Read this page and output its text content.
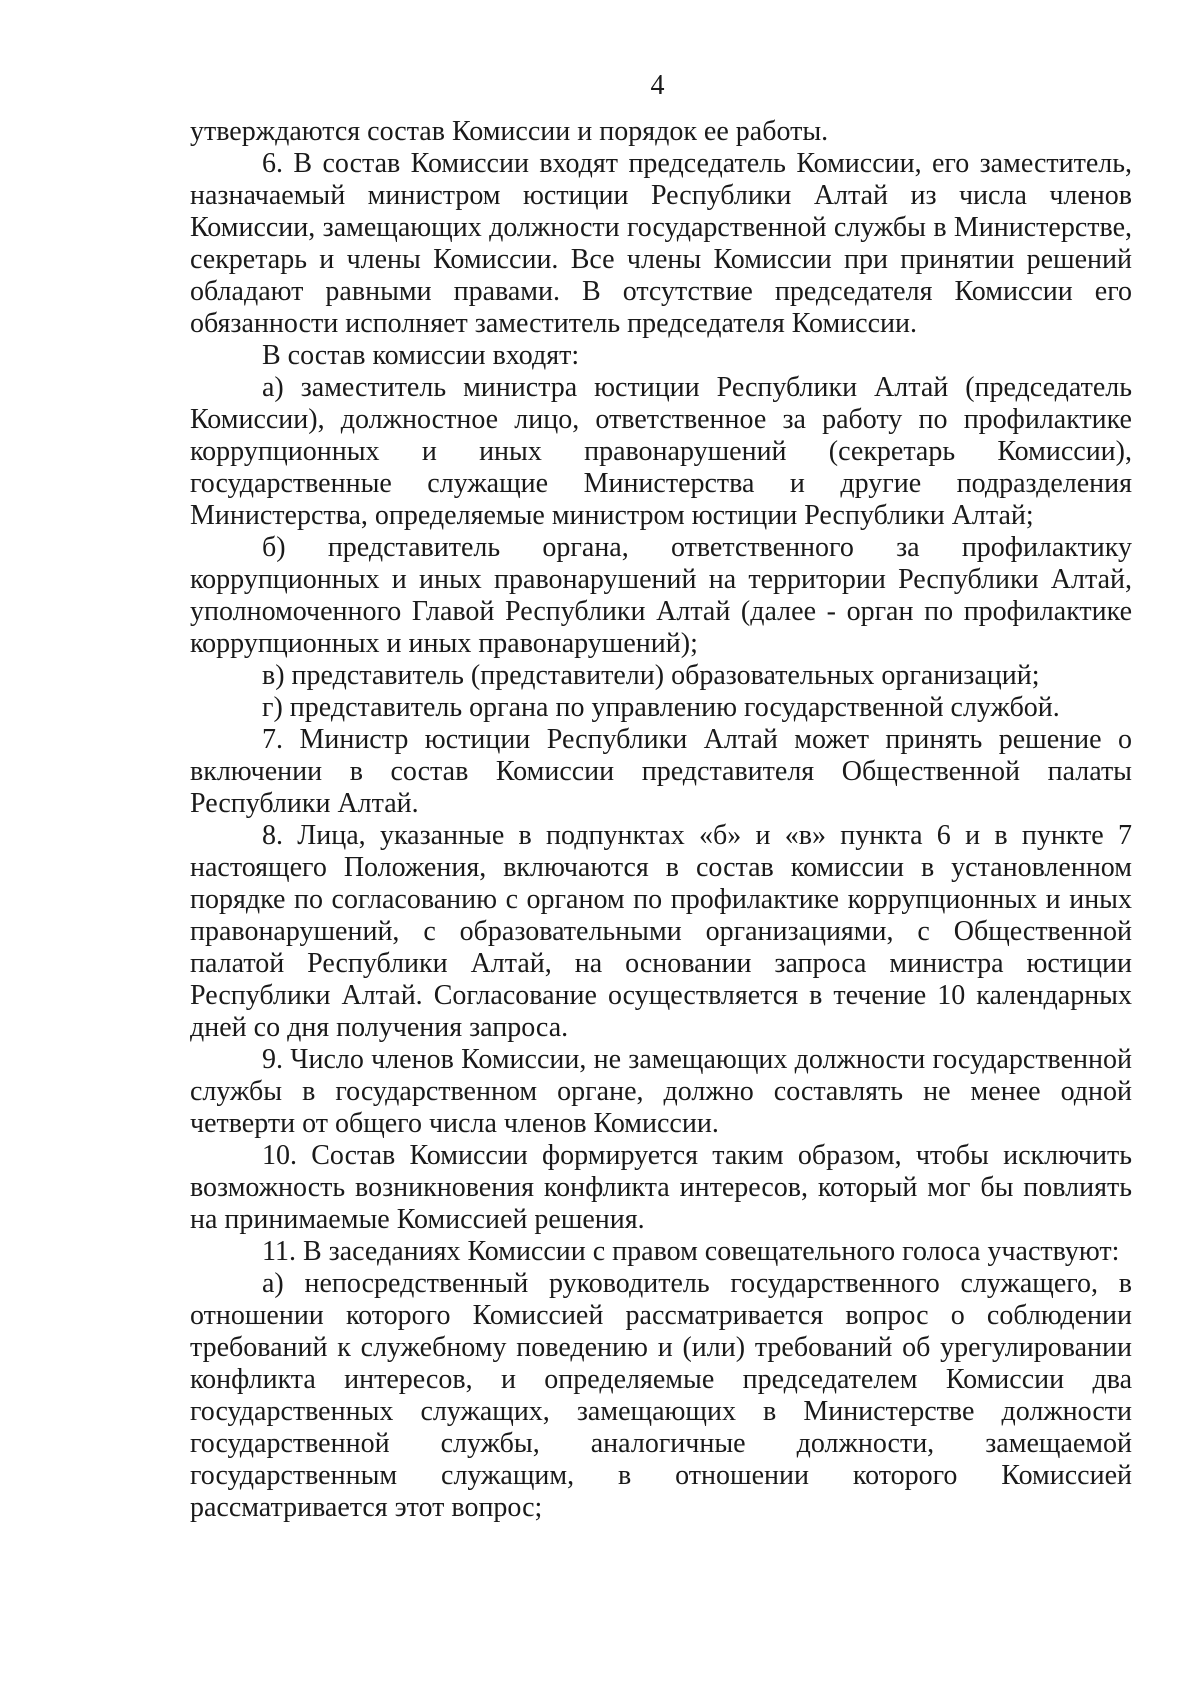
4

утверждаются состав Комиссии и порядок ее работы.

6. В состав Комиссии входят председатель Комиссии, его заместитель, назначаемый министром юстиции Республики Алтай из числа членов Комиссии, замещающих должности государственной службы в Министерстве, секретарь и члены Комиссии. Все члены Комиссии при принятии решений обладают равными правами. В отсутствие председателя Комиссии его обязанности исполняет заместитель председателя Комиссии.

В состав комиссии входят:

а) заместитель министра юстиции Республики Алтай (председатель Комиссии), должностное лицо, ответственное за работу по профилактике коррупционных и иных правонарушений (секретарь Комиссии), государственные служащие Министерства и другие подразделения Министерства, определяемые министром юстиции Республики Алтай;

б) представитель органа, ответственного за профилактику коррупционных и иных правонарушений на территории Республики Алтай, уполномоченного Главой Республики Алтай (далее - орган по профилактике коррупционных и иных правонарушений);

в) представитель (представители) образовательных организаций;

г) представитель органа по управлению государственной службой.

7. Министр юстиции Республики Алтай может принять решение о включении в состав Комиссии представителя Общественной палаты Республики Алтай.

8. Лица, указанные в подпунктах «б» и «в» пункта 6 и в пункте 7 настоящего Положения, включаются в состав комиссии в установленном порядке по согласованию с органом по профилактике коррупционных и иных правонарушений, с образовательными организациями, с Общественной палатой Республики Алтай, на основании запроса министра юстиции Республики Алтай. Согласование осуществляется в течение 10 календарных дней со дня получения запроса.

9. Число членов Комиссии, не замещающих должности государственной службы в государственном органе, должно составлять не менее одной четверти от общего числа членов Комиссии.

10. Состав Комиссии формируется таким образом, чтобы исключить возможность возникновения конфликта интересов, который мог бы повлиять на принимаемые Комиссией решения.

11. В заседаниях Комиссии с правом совещательного голоса участвуют:

а) непосредственный руководитель государственного служащего, в отношении которого Комиссией рассматривается вопрос о соблюдении требований к служебному поведению и (или) требований об урегулировании конфликта интересов, и определяемые председателем Комиссии два государственных служащих, замещающих в Министерстве должности государственной службы, аналогичные должности, замещаемой государственным служащим, в отношении которого Комиссией рассматривается этот вопрос;
